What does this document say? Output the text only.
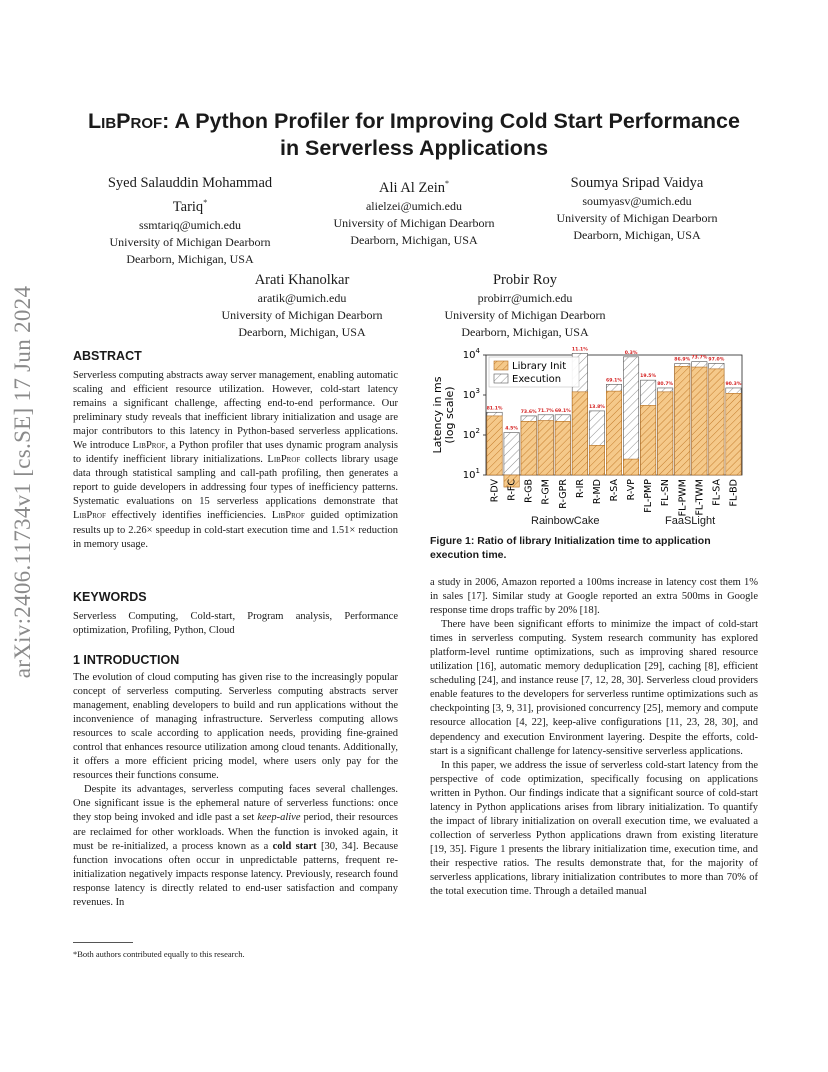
arXiv:2406.11734v1 [cs.SE] 17 Jun 2024
LibProf: A Python Profiler for Improving Cold Start Performance
in Serverless Applications
Syed Salauddin Mohammad
Tariq*
ssmtariq@umich.edu
University of Michigan Dearborn
Dearborn, Michigan, USA
Ali Al Zein*
alielzei@umich.edu
University of Michigan Dearborn
Dearborn, Michigan, USA
Soumya Sripad Vaidya
soumyasv@umich.edu
University of Michigan Dearborn
Dearborn, Michigan, USA
Arati Khanolkar
aratik@umich.edu
University of Michigan Dearborn
Dearborn, Michigan, USA
Probir Roy
probirr@umich.edu
University of Michigan Dearborn
Dearborn, Michigan, USA
ABSTRACT

Serverless computing abstracts away server management, enabling automatic scaling and efficient resource utilization. However, cold-start latency remains a significant challenge, affecting end-to-end performance. Our preliminary study reveals that inefficient library initialization and usage are major contributors to this latency in Python-based serverless applications. We introduce LibProf, a Python profiler that uses dynamic program analysis to identify inefficient library initializations. LibProf collects library usage data through statistical sampling and call-path profiling, then generates a report to guide developers in addressing four types of inefficiency patterns. Systematic evaluations on 15 serverless applications demonstrate that LibProf effectively identifies inefficiencies. LibProf guided optimization results up to 2.26× speedup in cold-start execution time and 1.51× reduction in memory usage.

KEYWORDS
Serverless Computing, Cold-start, Program analysis, Performance optimization, Profiling, Python, Cloud
1 INTRODUCTION

The evolution of cloud computing has given rise to the increasingly popular concept of serverless computing. Serverless computing abstracts server management, enabling developers to build and run applications without the inconvenience of managing infrastructure. Serverless computing allows resources to scale according to application needs, providing fine-grained control that enhances resource utilization among cloud tenants. Additionally, it offers a more efficient pricing model, where users only pay for the resources their functions consume.

Despite its advantages, serverless computing faces several challenges. One significant issue is the ephemeral nature of serverless functions: once they stop being invoked and idle past a set keep-alive period, their resources are reclaimed for other workloads. When the function is invoked again, it must be re-initialized, a process known as a cold start [30, 34]. Because function invocations often occur in unpredictable patterns, frequent re-initialization negatively impacts response latency. Previously, research found response latency is directly related to end-user satisfaction and company revenues. In

*Both authors contributed equally to this research.
Latency in ms (log scale)
$10^1$
$10^2$
$10^3$
$10^4$
81.1%
R-DV
4.5%
R-FC
73.6%
R-GB
71.7%
R-GM
69.1%
R-GPR
11.1%
R-IR
13.8%
R-MD
69.1%
R-SA
0.3%
R-VP
19.5%
FL-PMP
80.7%
FL-SN
86.9%
FL-PWM
73.7%
FL-TWM
97.0%
FL-SA
90.3%
FL-BD
Library Init
Execution
RainbowCake	FaaSLight
Figure 1: Ratio of library Initialization time to application execution time.

a study in 2006, Amazon reported a 100ms increase in latency cost them 1% in sales [17]. Similar study at Google reported an extra 500ms in Google response time drops traffic by 20% [18].

There have been significant efforts to minimize the impact of cold-start times in serverless computing. System research community has explored platform-level runtime optimizations, such as improving shared resource utilization [16], automatic memory deduplication [29], caching [8], efficient scheduling [24], and instance reuse [7, 12, 28, 30]. Serverless cloud providers enable features to the developers for serverless runtime optimizations such as checkpointing [3, 9, 31], provisioned concurrency [25], memory and compute resource allocation [4, 22], keep-alive configurations [11, 23, 28, 30], and dependency and execution Environment layering. Despite the efforts, cold-start is a significant challenge for latency-sensitive serverless applications.

In this paper, we address the issue of serverless cold-start latency from the perspective of code optimization, specifically focusing on applications written in Python. Our findings indicate that a significant source of cold-start latency in Python applications arises from library initialization. To quantify the impact of library initialization on overall execution time, we evaluated a collection of serverless Python applications drawn from existing literature [19, 35]. Figure 1 presents the library initialization time, execution time, and their respective ratios. The results demonstrate that, for the majority of serverless applications, library initialization contributes to more than 70% of the total execution time. Through a detailed manual
